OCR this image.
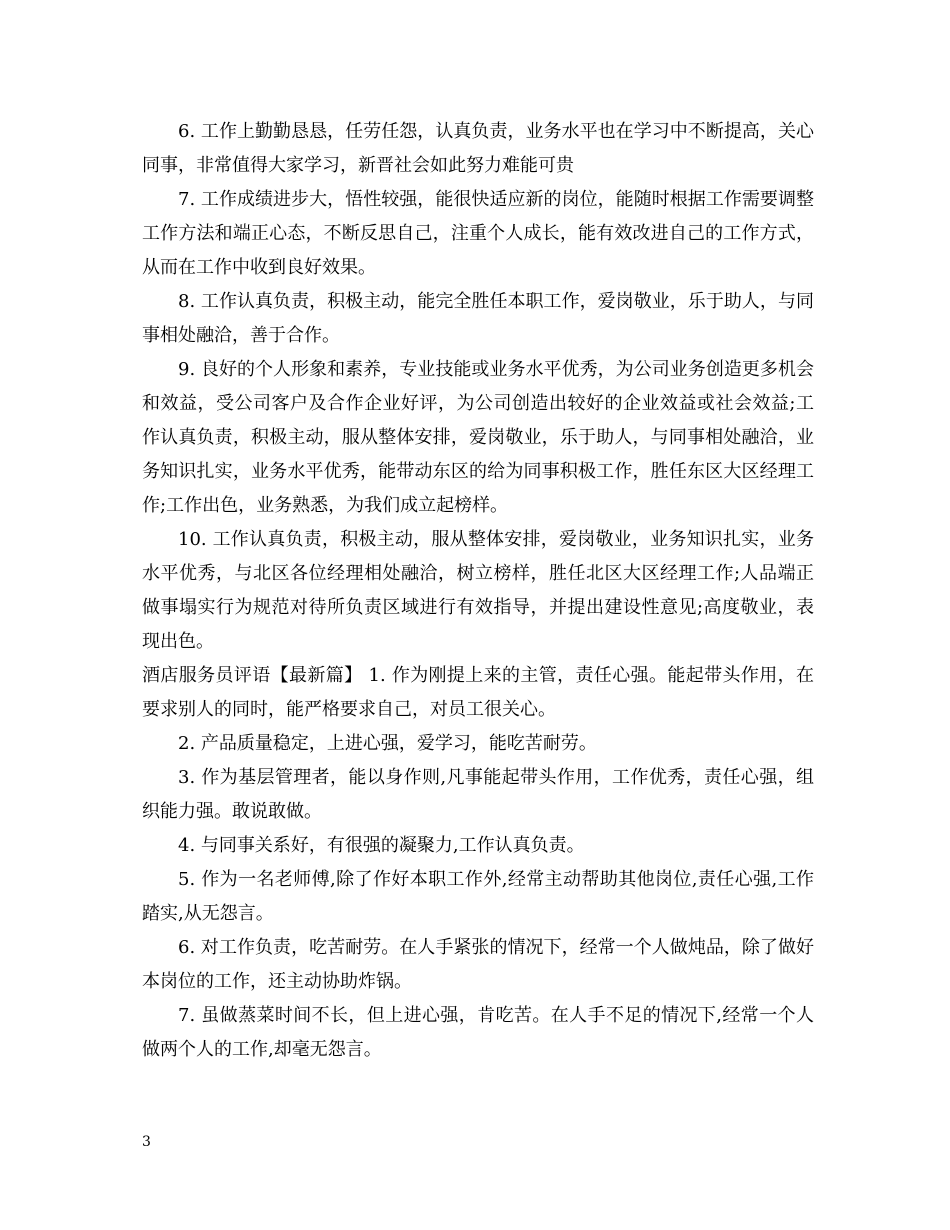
6. 工作上勤勤恳恳，任劳任怨，认真负责，业务水平也在学习中不断提高，关心同事，非常值得大家学习，新晋社会如此努力难能可贵

7. 工作成绩进步大，悟性较强，能很快适应新的岗位，能随时根据工作需要调整工作方法和端正心态，不断反思自己，注重个人成长，能有效改进自己的工作方式，从而在工作中收到良好效果。

8. 工作认真负责，积极主动，能完全胜任本职工作，爱岗敬业，乐于助人，与同事相处融洽，善于合作。

9. 良好的个人形象和素养，专业技能或业务水平优秀，为公司业务创造更多机会和效益，受公司客户及合作企业好评，为公司创造出较好的企业效益或社会效益;工作认真负责，积极主动，服从整体安排，爱岗敬业，乐于助人，与同事相处融洽，业务知识扎实，业务水平优秀，能带动东区的给为同事积极工作，胜任东区大区经理工作;工作出色，业务熟悉，为我们成立起榜样。

10. 工作认真负责，积极主动，服从整体安排，爱岗敬业，业务知识扎实，业务水平优秀，与北区各位经理相处融洽，树立榜样，胜任北区大区经理工作;人品端正做事塌实行为规范对待所负责区域进行有效指导，并提出建设性意见;高度敬业，表现出色。

酒店服务员评语【最新篇】 1. 作为刚提上来的主管，责任心强。能起带头作用，在要求别人的同时，能严格要求自己，对员工很关心。

2. 产品质量稳定，上进心强，爱学习，能吃苦耐劳。

3. 作为基层管理者，能以身作则,凡事能起带头作用，工作优秀，责任心强，组织能力强。敢说敢做。

4. 与同事关系好，有很强的凝聚力,工作认真负责。

5. 作为一名老师傅,除了作好本职工作外,经常主动帮助其他岗位,责任心强,工作踏实,从无怨言。

6. 对工作负责，吃苦耐劳。在人手紧张的情况下，经常一个人做炖品，除了做好本岗位的工作，还主动协助炸锅。

7. 虽做蒸菜时间不长，但上进心强，肯吃苦。在人手不足的情况下,经常一个人做两个人的工作,却毫无怨言。

3
